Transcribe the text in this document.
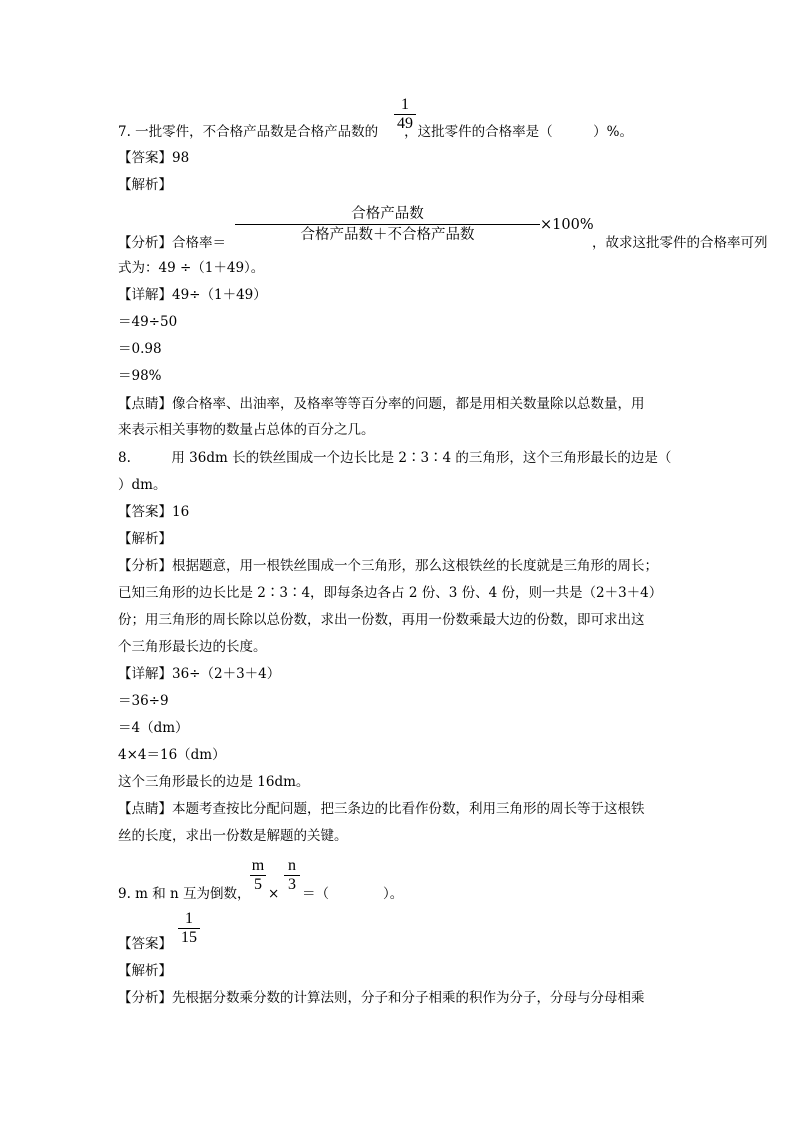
$\frac{1}{49}$
7. 一批零件，不合格产品数是合格产品数的 ，这批零件的合格率是（　　　）%。
【答案】98
【解析】
【分析】合格率＝
合格产品数
合格产品数＋不合格产品数
×100%
，故求这批零件的合格率可列
式为：49 ÷（1＋49）。
【详解】49÷（1＋49）
＝49÷50
＝0.98
＝98%
【点睛】像合格率、出油率，及格率等等百分率的问题，都是用相关数量除以总数量，用
来表示相关事物的数量占总体的百分之几。
8.　　　用 36dm 长的铁丝围成一个边长比是 2∶3∶4 的三角形，这个三角形最长的边是（
）dm。
【答案】16
【解析】
【分析】根据题意，用一根铁丝围成一个三角形，那么这根铁丝的长度就是三角形的周长；
已知三角形的边长比是 2∶3∶4，即每条边各占 2 份、3 份、4 份，则一共是（2＋3＋4）
份；用三角形的周长除以总份数，求出一份数，再用一份数乘最大边的份数，即可求出这
个三角形最长边的长度。
【详解】36÷（2＋3＋4）
＝36÷9
＝4（dm）
4×4＝16（dm）
这个三角形最长的边是 16dm。
【点睛】本题考查按比分配问题，把三条边的比看作份数，利用三角形的周长等于这根铁
丝的长度，求出一份数是解题的关键。
9. m 和 n 互为倒数， $\frac{m}{5} \times \frac{n}{3}$ ＝（　　　　）。
【答案】 $\frac{1}{15}$
【解析】
【分析】先根据分数乘分数的计算法则，分子和分子相乘的积作为分子，分母与分母相乘
